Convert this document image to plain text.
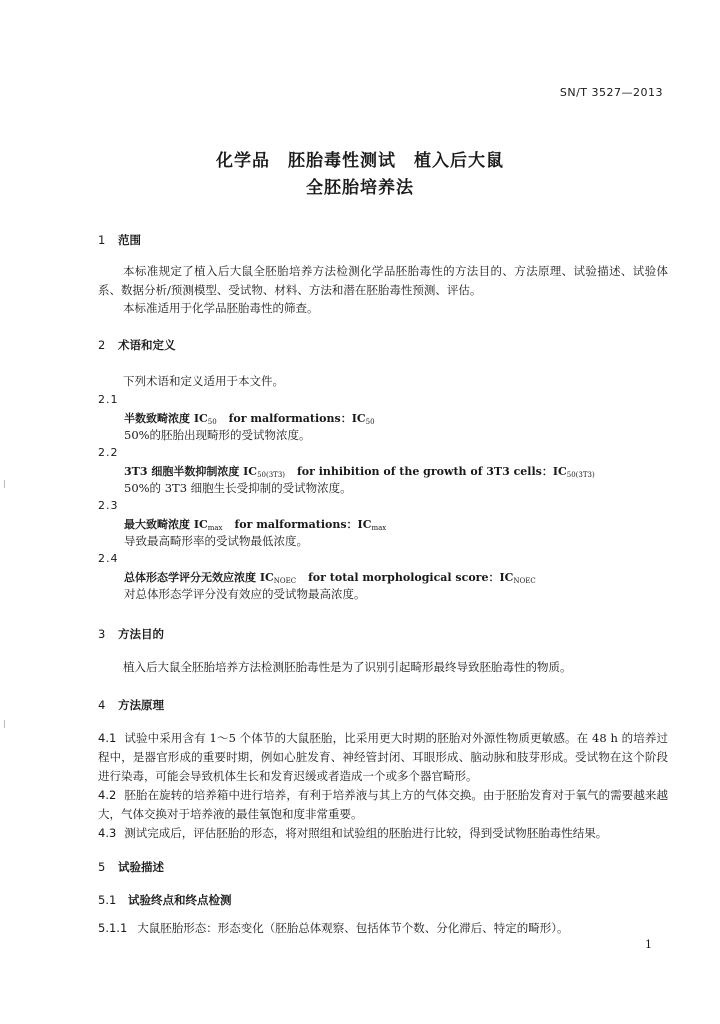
SN/T 3527—2013
化学品　胚胎毒性测试　植入后大鼠
全胚胎培养法
1 范围
本标准规定了植入后大鼠全胚胎培养方法检测化学品胚胎毒性的方法目的、方法原理、试验描述、试验体系、数据分析/预测模型、受试物、材料、方法和潜在胚胎毒性预测、评估。
本标准适用于化学品胚胎毒性的筛查。
2 术语和定义
下列术语和定义适用于本文件。
2.1
半数致畸浓度 $IC_{50}$ for malformations：$IC_{50}$
50%的胚胎出现畸形的受试物浓度。
2.2
3T3 细胞半数抑制浓度 $IC_{50(3T3)}$ for inhibition of the growth of 3T3 cells：$IC_{50(3T3)}$
50%的 3T3 细胞生长受抑制的受试物浓度。
2.3
最大致畸浓度 $IC_{max}$ for malformations：$IC_{max}$
导致最高畸形率的受试物最低浓度。
2.4
总体形态学评分无效应浓度 $IC_{NOEC}$ for total morphological score：$IC_{NOEC}$
对总体形态学评分没有效应的受试物最高浓度。
3 方法目的
植入后大鼠全胚胎培养方法检测胚胎毒性是为了识别引起畸形最终导致胚胎毒性的物质。
4 方法原理
4.1 试验中采用含有 1～5 个体节的大鼠胚胎，比采用更大时期的胚胎对外源性物质更敏感。在 48 h 的培养过程中，是器官形成的重要时期，例如心脏发育、神经管封闭、耳眼形成、脑动脉和肢芽形成。受试物在这个阶段进行染毒，可能会导致机体生长和发育迟缓或者造成一个或多个器官畸形。
4.2 胚胎在旋转的培养箱中进行培养，有利于培养液与其上方的气体交换。由于胚胎发育对于氧气的需要越来越大，气体交换对于培养液的最佳氧饱和度非常重要。
4.3 测试完成后，评估胚胎的形态，将对照组和试验组的胚胎进行比较，得到受试物胚胎毒性结果。
5 试验描述
5.1 试验终点和终点检测
5.1.1 大鼠胚胎形态：形态变化（胚胎总体观察、包括体节个数、分化滞后、特定的畸形）。
1
